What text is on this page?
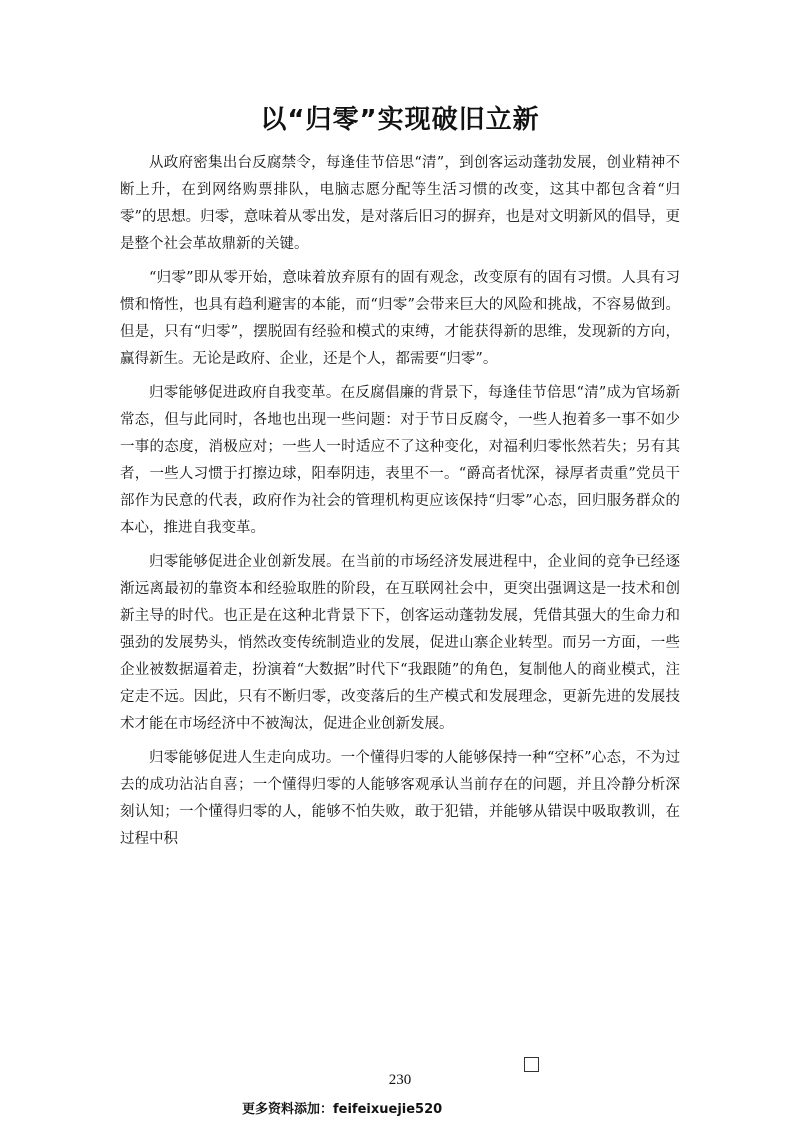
以“归零”实现破旧立新

从政府密集出台反腐禁令，每逢佳节倍思“清”，到创客运动蓬勃发展，创业精神不断上升，在到网络购票排队，电脑志愿分配等生活习惯的改变，这其中都包含着“归零”的思想。归零，意味着从零出发，是对落后旧习的摒弃，也是对文明新风的倡导，更是整个社会革故鼎新的关键。

“归零”即从零开始，意味着放弃原有的固有观念，改变原有的固有习惯。人具有习惯和惰性，也具有趋利避害的本能，而“归零”会带来巨大的风险和挑战，不容易做到。但是，只有“归零”，摆脱固有经验和模式的束缚，才能获得新的思维，发现新的方向，赢得新生。无论是政府、企业，还是个人，都需要“归零”。

归零能够促进政府自我变革。在反腐倡廉的背景下，每逢佳节倍思“清”成为官场新常态，但与此同时，各地也出现一些问题：对于节日反腐令，一些人抱着多一事不如少一事的态度，消极应对；一些人一时适应不了这种变化，对福利归零怅然若失；另有其者，一些人习惯于打擦边球，阳奉阴违，表里不一。“爵高者忧深，禄厚者责重”党员干部作为民意的代表，政府作为社会的管理机构更应该保持“归零”心态，回归服务群众的本心，推进自我变革。

归零能够促进企业创新发展。在当前的市场经济发展进程中，企业间的竞争已经逐渐远离最初的靠资本和经验取胜的阶段，在互联网社会中，更突出强调这是一技术和创新主导的时代。也正是在这种北背景下下，创客运动蓬勃发展，凭借其强大的生命力和强劲的发展势头，悄然改变传统制造业的发展，促进山寨企业转型。而另一方面，一些企业被数据逼着走，扮演着“大数据”时代下“我跟随”的角色，复制他人的商业模式，注定走不远。因此，只有不断归零，改变落后的生产模式和发展理念，更新先进的发展技术才能在市场经济中不被淘汰，促进企业创新发展。

归零能够促进人生走向成功。一个懂得归零的人能够保持一种“空杯”心态，不为过去的成功沾沾自喜；一个懂得归零的人能够客观承认当前存在的问题，并且冷静分析深刻认知；一个懂得归零的人，能够不怕失败，敢于犯错，并能够从错误中吸取教训，在过程中积

230
更多资料添加：feifeixuejie520
